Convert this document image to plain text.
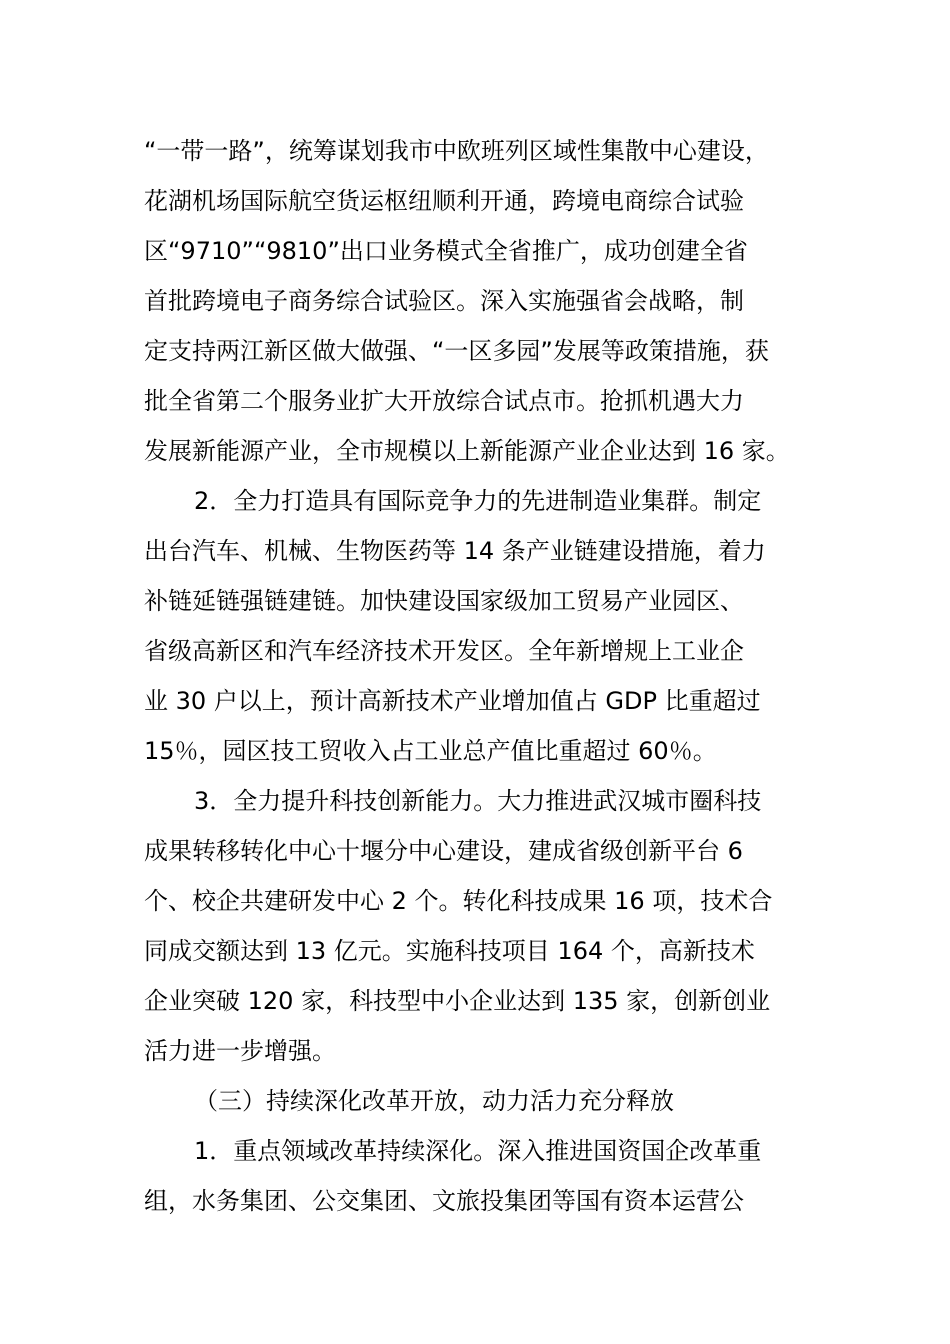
“一带一路”，统筹谋划我市中欧班列区域性集散中心建设，
花湖机场国际航空货运枢纽顺利开通，跨境电商综合试验
区“9710”“9810”出口业务模式全省推广，成功创建全省
首批跨境电子商务综合试验区。深入实施强省会战略，制
定支持两江新区做大做强、“一区多园”发展等政策措施，获
批全省第二个服务业扩大开放综合试点市。抢抓机遇大力
发展新能源产业，全市规模以上新能源产业企业达到 16 家。
2．全力打造具有国际竞争力的先进制造业集群。制定
出台汽车、机械、生物医药等 14 条产业链建设措施，着力
补链延链强链建链。加快建设国家级加工贸易产业园区、
省级高新区和汽车经济技术开发区。全年新增规上工业企
业 30 户以上，预计高新技术产业增加值占 GDP 比重超过
15％，园区技工贸收入占工业总产值比重超过 60％。
3．全力提升科技创新能力。大力推进武汉城市圈科技
成果转移转化中心十堰分中心建设，建成省级创新平台 6
个、校企共建研发中心 2 个。转化科技成果 16 项，技术合
同成交额达到 13 亿元。实施科技项目 164 个，高新技术
企业突破 120 家，科技型中小企业达到 135 家，创新创业
活力进一步增强。
（三）持续深化改革开放，动力活力充分释放
1．重点领域改革持续深化。深入推进国资国企改革重
组，水务集团、公交集团、文旅投集团等国有资本运营公
